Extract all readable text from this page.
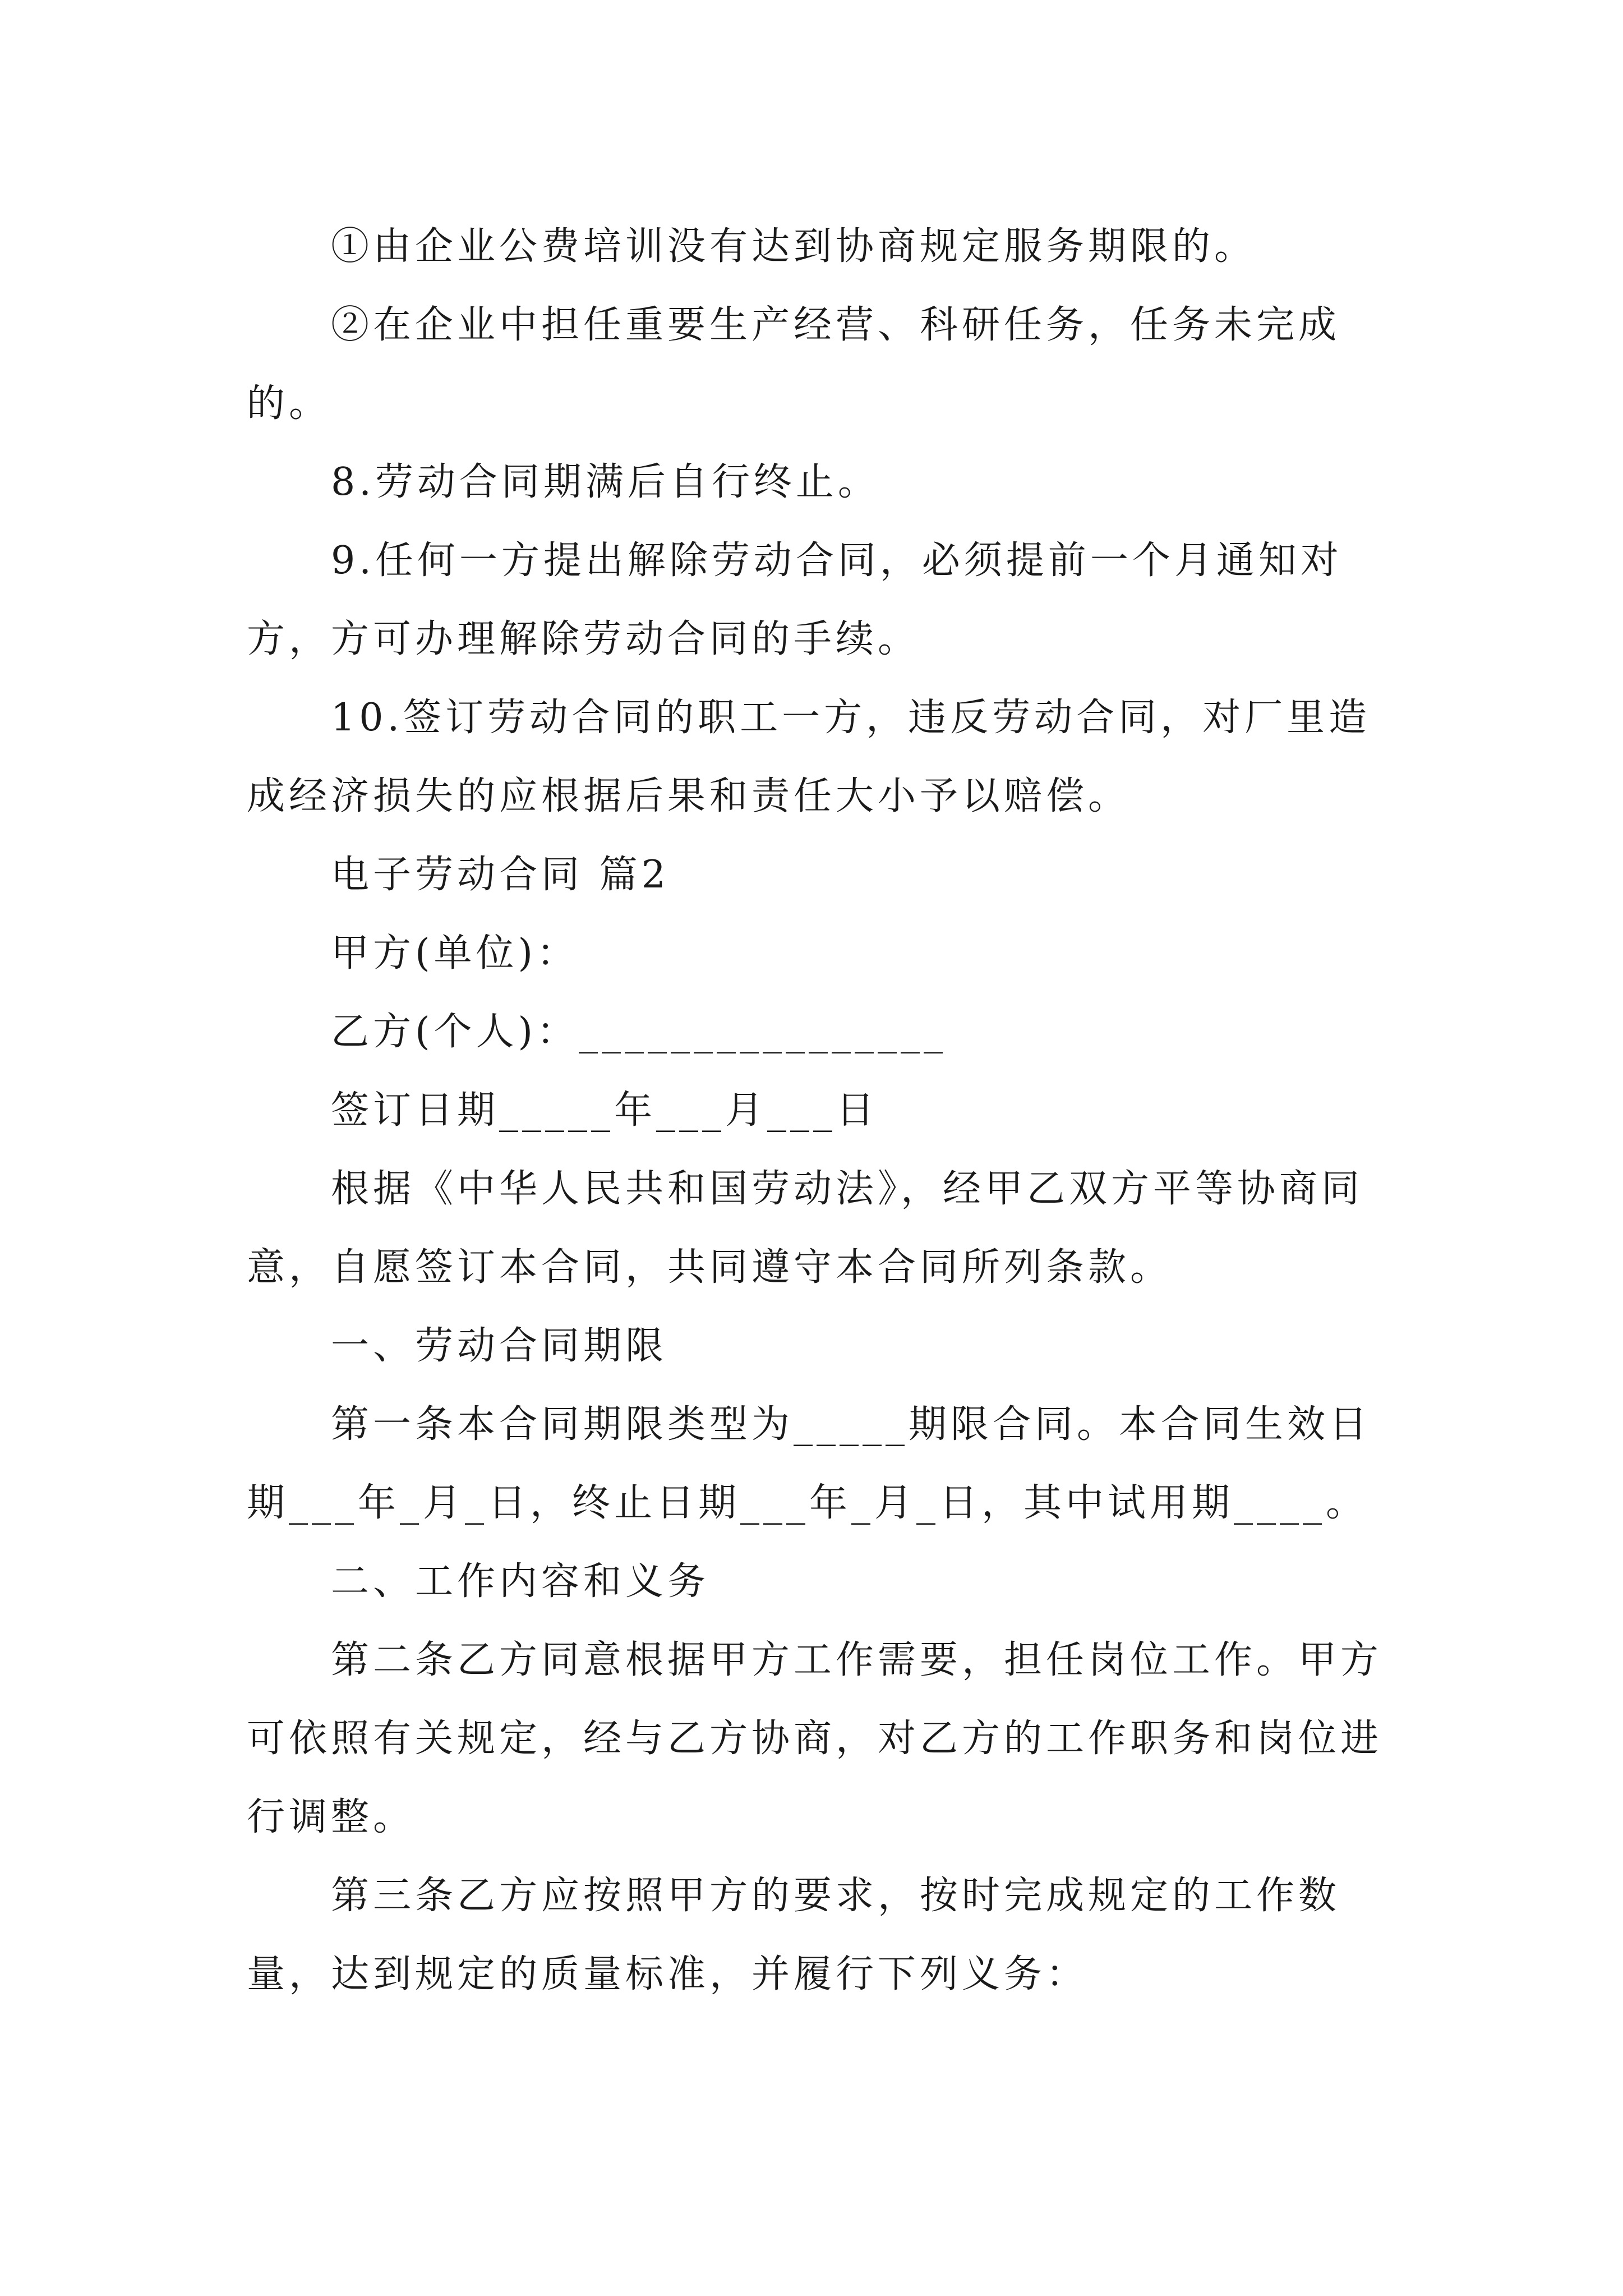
①由企业公费培训没有达到协商规定服务期限的。

②在企业中担任重要生产经营、科研任务，任务未完成的。

8.劳动合同期满后自行终止。

9.任何一方提出解除劳动合同，必须提前一个月通知对方，方可办理解除劳动合同的手续。

10.签订劳动合同的职工一方，违反劳动合同，对厂里造成经济损失的应根据后果和责任大小予以赔偿。

电子劳动合同 篇2

甲方(单位)：

乙方(个人)：________________

签订日期_____年___月___日

根据《中华人民共和国劳动法》，经甲乙双方平等协商同意，自愿签订本合同，共同遵守本合同所列条款。

一、劳动合同期限

第一条本合同期限类型为_____期限合同。本合同生效日期___年_月_日，终止日期___年_月_日，其中试用期____。

二、工作内容和义务

第二条乙方同意根据甲方工作需要，担任岗位工作。甲方可依照有关规定，经与乙方协商，对乙方的工作职务和岗位进行调整。

第三条乙方应按照甲方的要求，按时完成规定的工作数量，达到规定的质量标准，并履行下列义务：
